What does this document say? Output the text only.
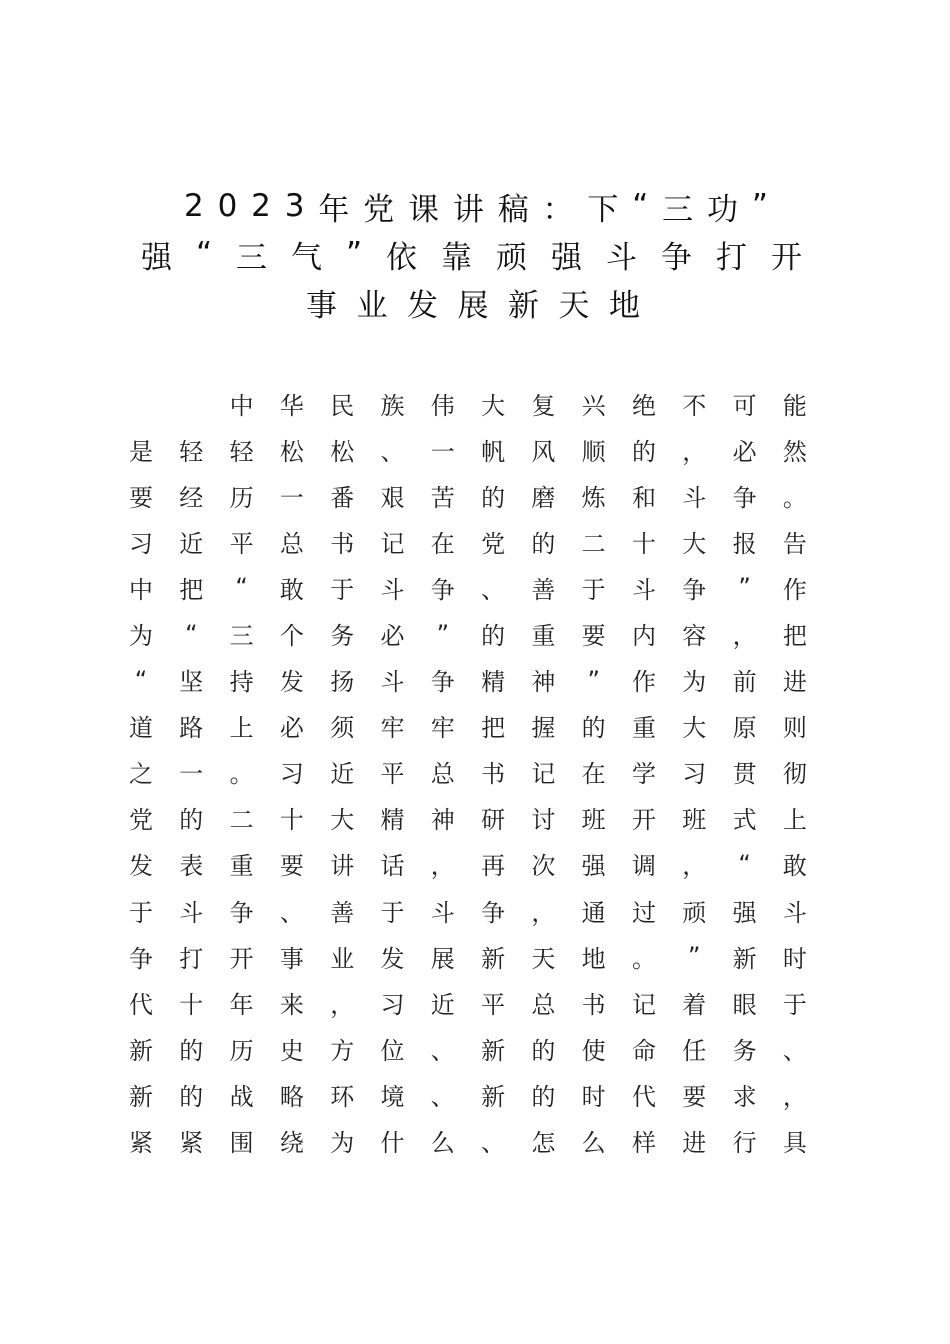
2 0 2 3 年 党 课 讲 稿 ： 下 “ 三 功 ”
强 “ 三 气 ” 依 靠 顽 强 斗 争 打 开
事 业 发 展 新 天 地

中 华 民 族 伟 大 复 兴 绝 不 可 能
是 轻 轻 松 松 、 一 帆 风 顺 的 ， 必 然
要 经 历 一 番 艰 苦 的 磨 炼 和 斗 争 。
习 近 平 总 书 记 在 党 的 二 十 大 报 告
中 把 “ 敢 于 斗 争 、 善 于 斗 争 ” 作
为 “ 三 个 务 必 ” 的 重 要 内 容 ， 把
“ 坚 持 发 扬 斗 争 精 神 ” 作 为 前 进
道 路 上 必 须 牢 牢 把 握 的 重 大 原 则
之 一 。 习 近 平 总 书 记 在 学 习 贯 彻
党 的 二 十 大 精 神 研 讨 班 开 班 式 上
发 表 重 要 讲 话 ， 再 次 强 调 ， “ 敢
于 斗 争 、 善 于 斗 争 ， 通 过 顽 强 斗
争 打 开 事 业 发 展 新 天 地 。 ” 新 时
代 十 年 来 ， 习 近 平 总 书 记 着 眼 于
新 的 历 史 方 位 、 新 的 使 命 任 务 、
新 的 战 略 环 境 、 新 的 时 代 要 求 ，
紧 紧 围 绕 为 什 么 、 怎 么 样 进 行 具
